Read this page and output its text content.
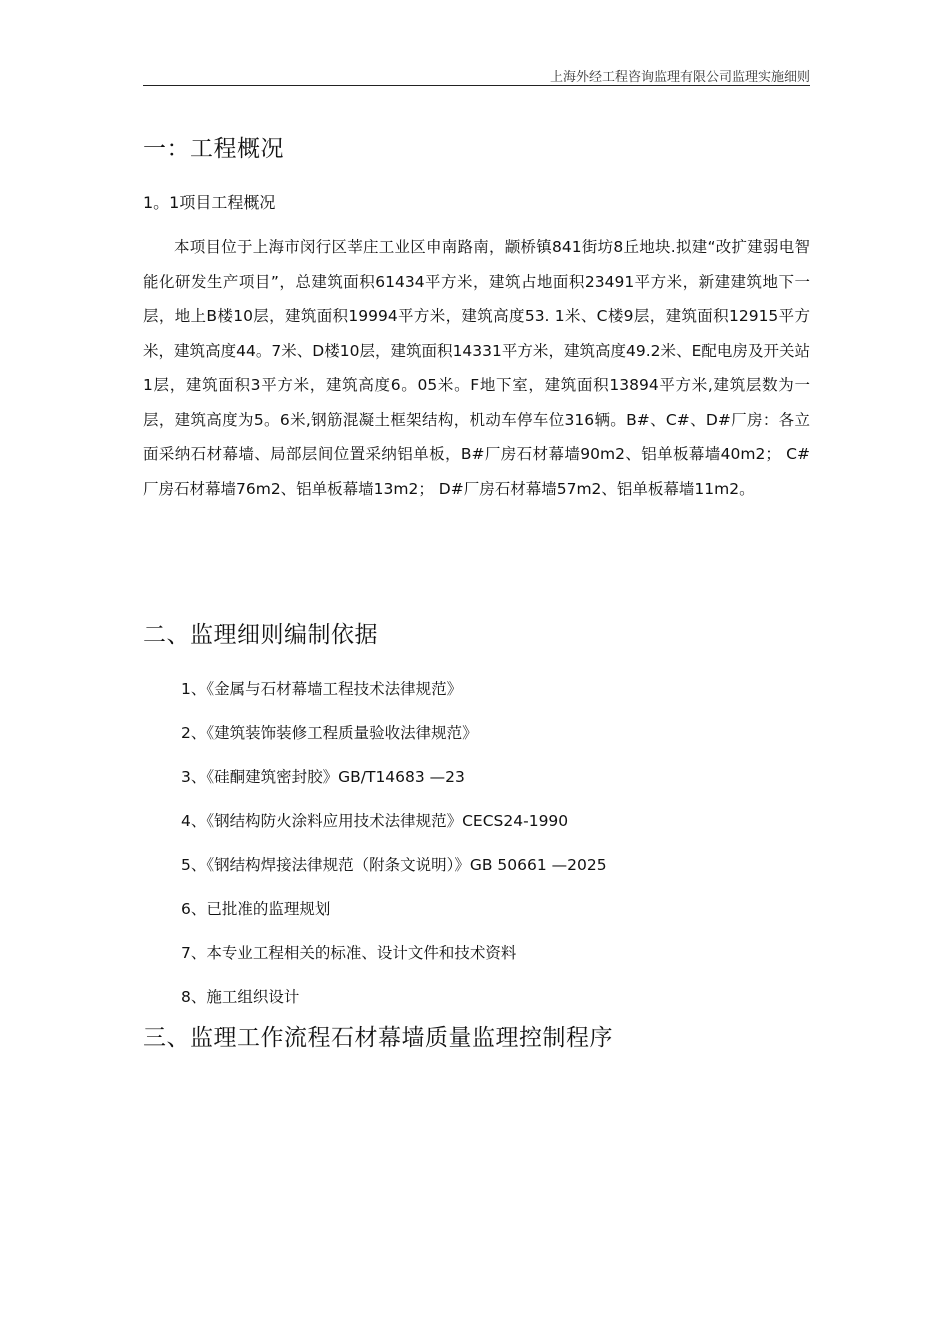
上海外经工程咨询监理有限公司监理实施细则
一：工程概况
1。1项目工程概况
本项目位于上海市闵行区莘庄工业区申南路南，颛桥镇841街坊8丘地块.拟建“改扩建弱电智能化研发生产项目”，总建筑面积61434平方米，建筑占地面积23491平方米，新建建筑地下一层，地上B楼10层，建筑面积19994平方米，建筑高度53. 1米、C楼9层，建筑面积12915平方米，建筑高度44。7米、D楼10层，建筑面积14331平方米，建筑高度49.2米、E配电房及开关站1层，建筑面积3平方米，建筑高度6。05米。F地下室，建筑面积13894平方米,建筑层数为一层，建筑高度为5。6米,钢筋混凝土框架结构，机动车停车位316辆。B#、C#、D#厂房：各立面采纳石材幕墙、局部层间位置采纳铝单板，B#厂房石材幕墙90m2、铝单板幕墙40m2； C#厂房石材幕墙76m2、铝单板幕墙13m2； D#厂房石材幕墙57m2、铝单板幕墙11m2。
二、监理细则编制依据
1、《金属与石材幕墙工程技术法律规范》
2、《建筑装饰装修工程质量验收法律规范》
3、《硅酮建筑密封胶》GB/T14683 —23
4、《钢结构防火涂料应用技术法律规范》CECS24-1990
5、《钢结构焊接法律规范（附条文说明）》GB 50661 —2025
6、已批准的监理规划
7、本专业工程相关的标准、设计文件和技术资料
8、施工组织设计
三、监理工作流程石材幕墙质量监理控制程序
